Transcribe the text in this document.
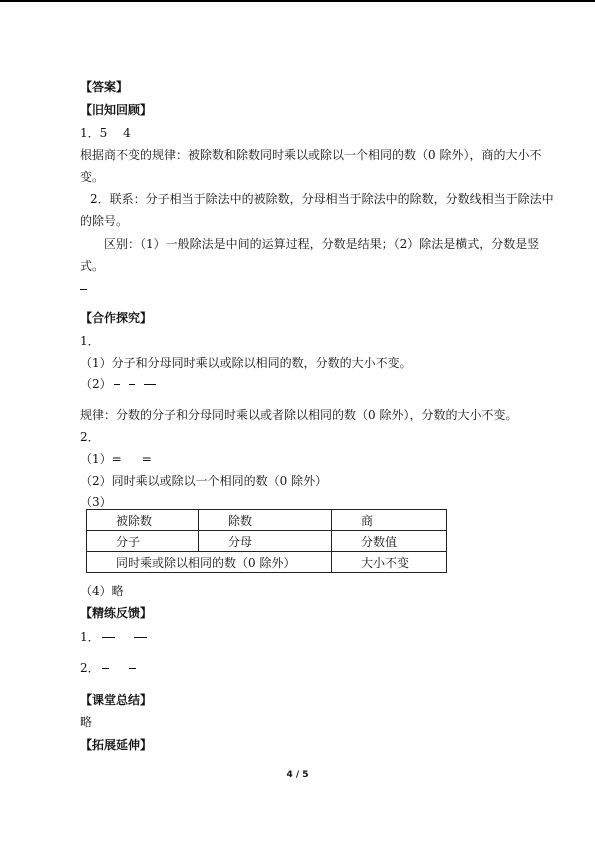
【答案】
【旧知回顾】
1．5　 4
根据商不变的规律：被除数和除数同时乘以或除以一个相同的数（0 除外），商的大小不
变。
2．联系：分子相当于除法中的被除数，分母相当于除法中的除数，分数线相当于除法中
的除号。
区别：（1）一般除法是中间的运算过程，分数是结果；（2）除法是横式，分数是竖
式。
【合作探究】
1．
（1）分子和分母同时乘以或除以相同的数，分数的大小不变。
（2）
规律：分数的分子和分母同时乘以或者除以相同的数（0 除外），分数的大小不变。
2．
（1）= =
（2）同时乘以或除以一个相同的数（0 除外）
（3）
被除数	除数	商
分子	分母	分数值
同时乘或除以相同的数（0 除外）		大小不变
（4）略
【精练反馈】
1．
2．
【课堂总结】
略
【拓展延伸】
4 / 5
